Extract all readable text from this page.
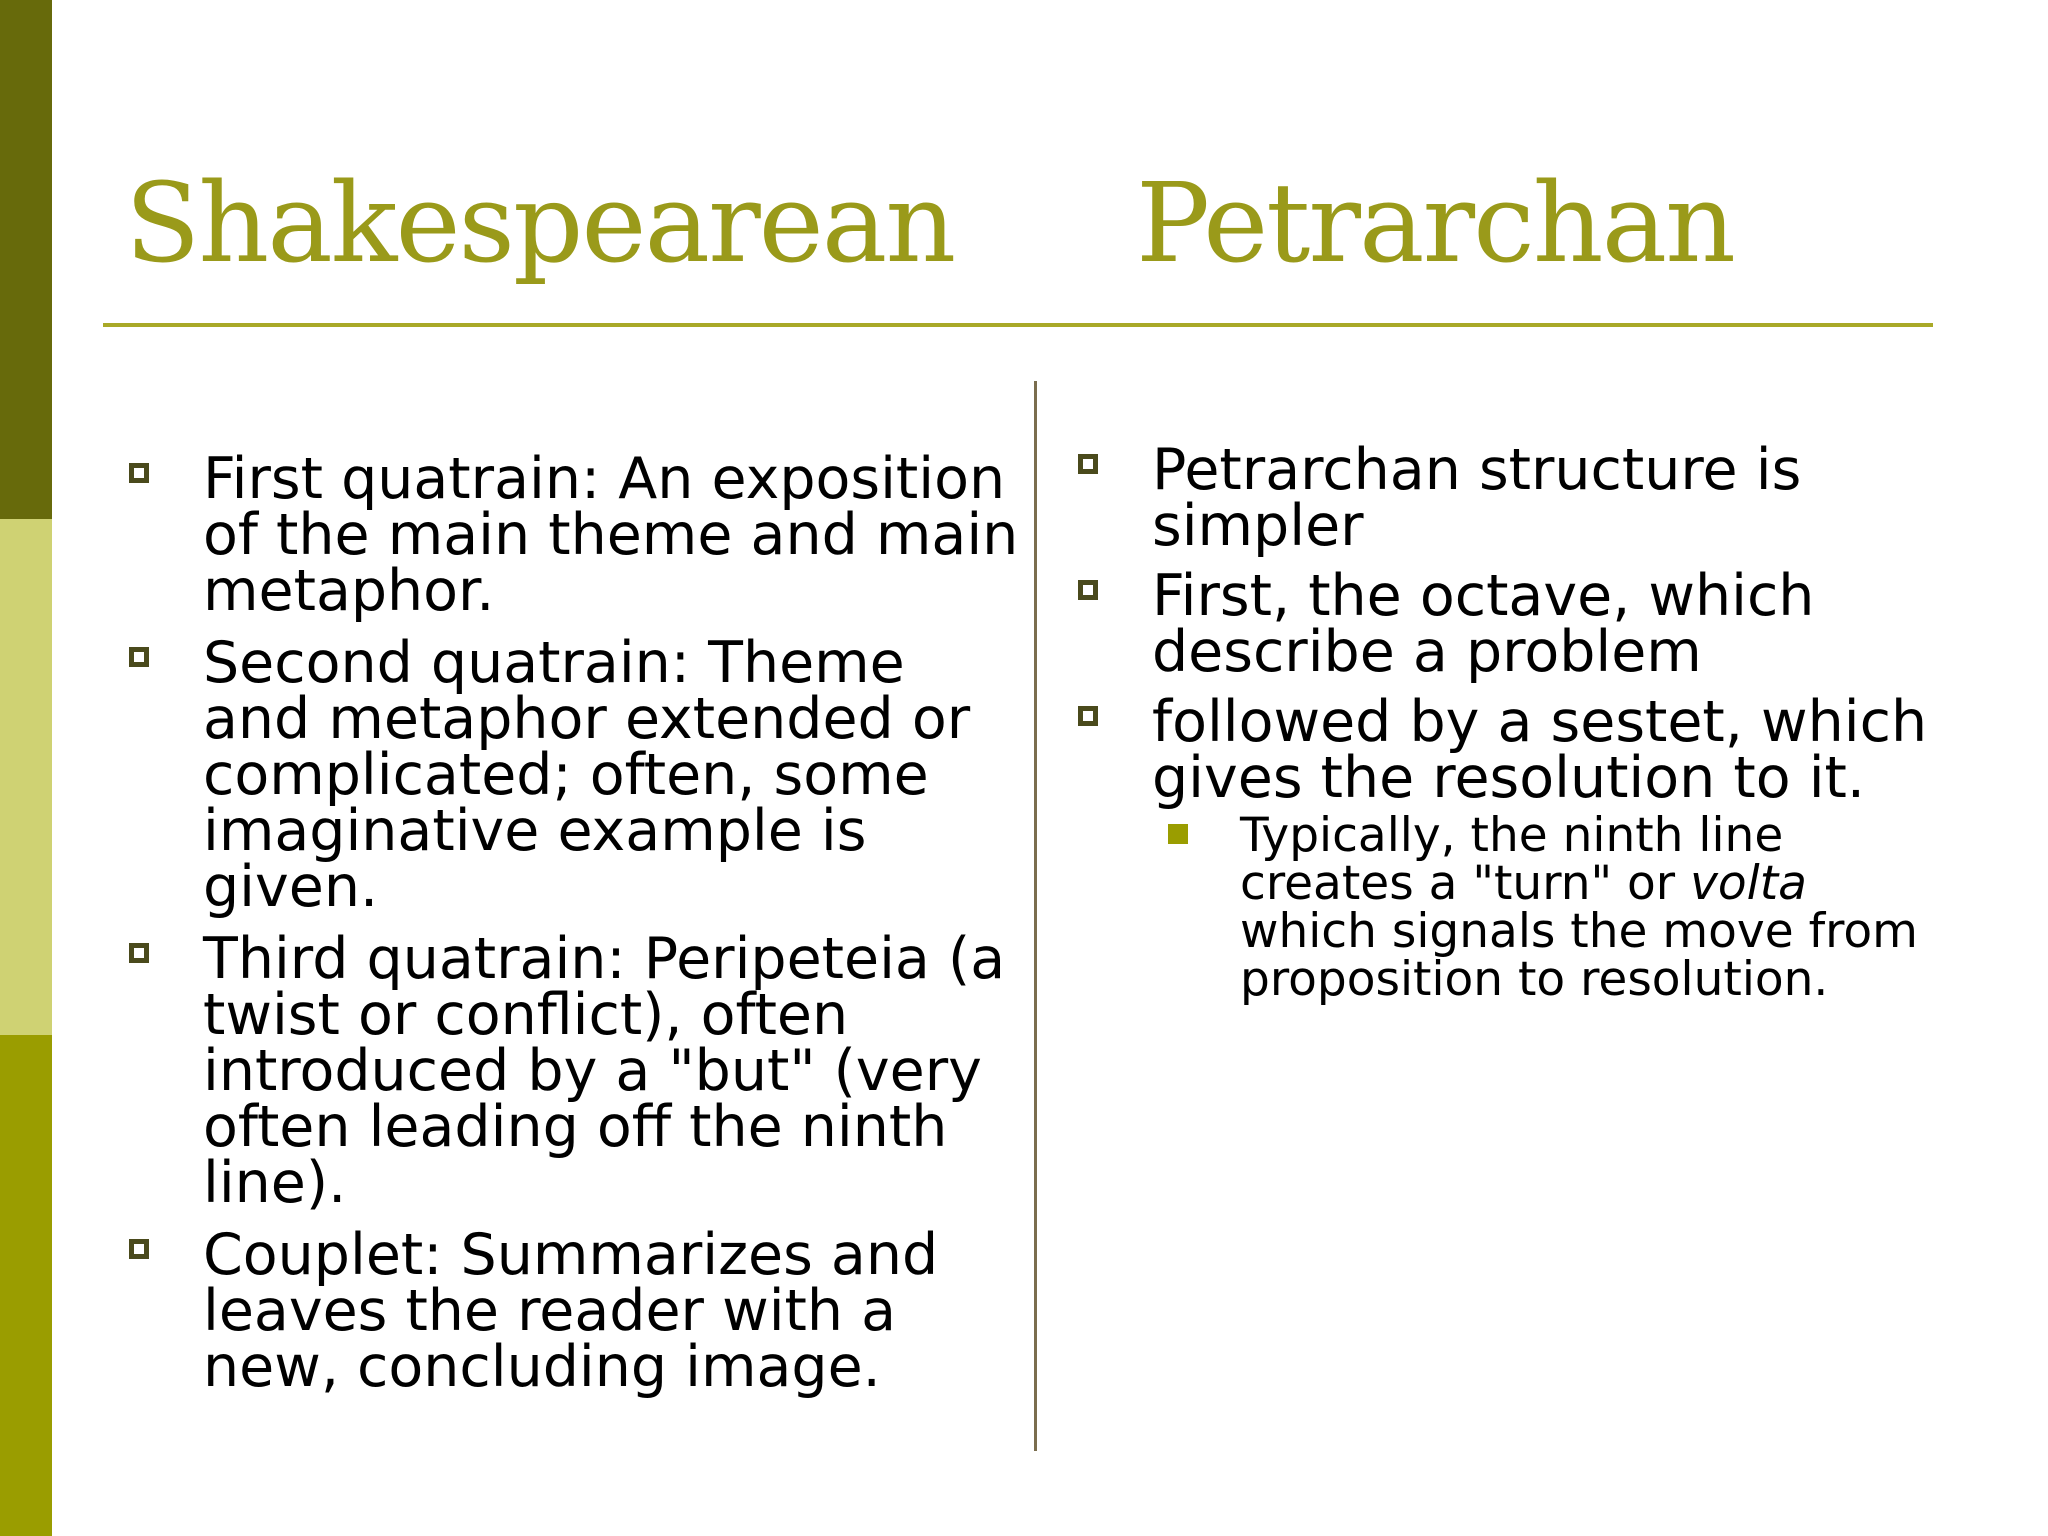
Shakespearean Petrarchan
First quatrain: An exposition of the main theme and main metaphor.
Second quatrain: Theme and metaphor extended or complicated; often, some imaginative example is given.
Third quatrain: Peripeteia (a twist or conflict), often introduced by a "but" (very often leading off the ninth line).
Couplet: Summarizes and leaves the reader with a new, concluding image.
Petrarchan structure is simpler
First, the octave, which describe a problem
followed by a sestet, which gives the resolution to it.
Typically, the ninth line creates a "turn" or volta which signals the move from proposition to resolution.
